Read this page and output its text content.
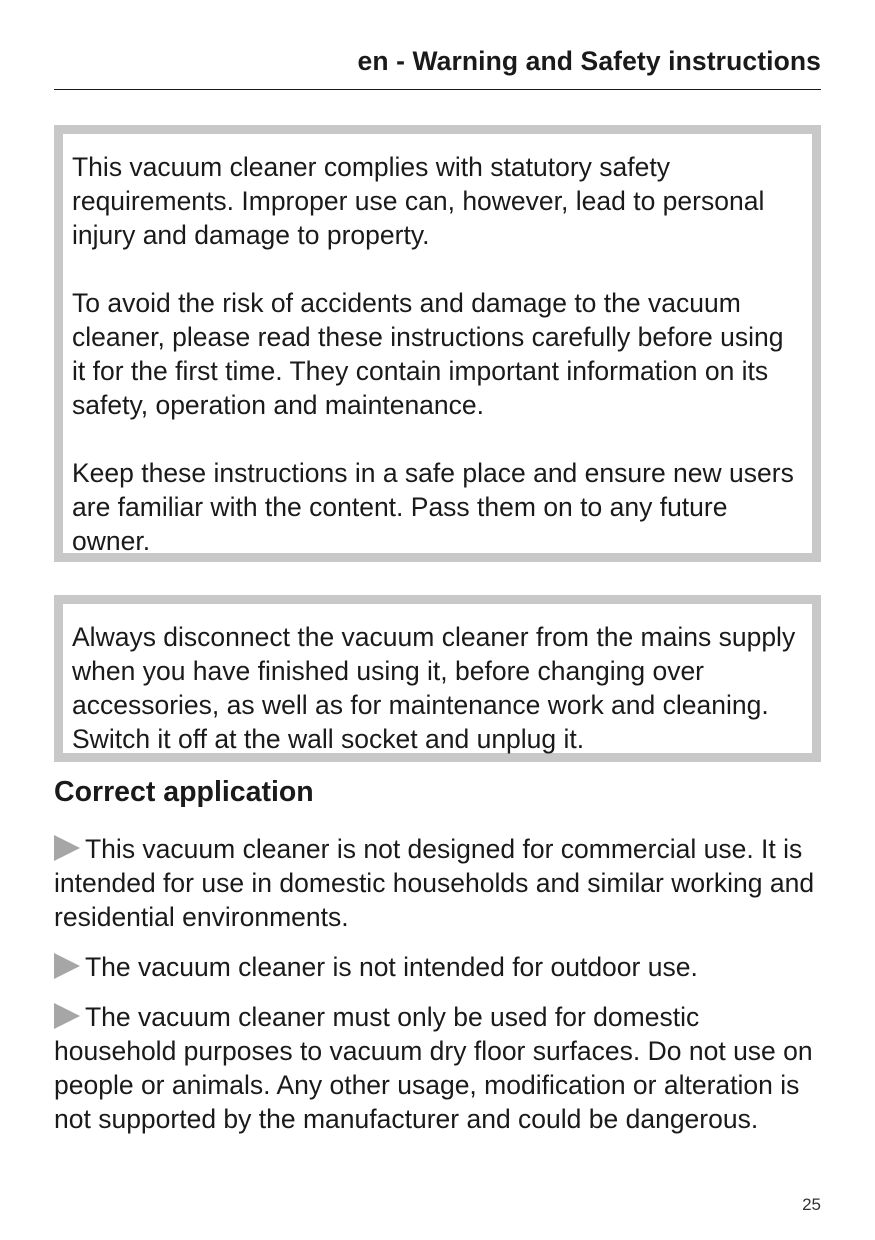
en - Warning and Safety instructions

This vacuum cleaner complies with statutory safety requirements. Improper use can, however, lead to personal injury and damage to property.

To avoid the risk of accidents and damage to the vacuum cleaner, please read these instructions carefully before using it for the first time. They contain important information on its safety, operation and maintenance.

Keep these instructions in a safe place and ensure new users are familiar with the content. Pass them on to any future owner.

Always disconnect the vacuum cleaner from the mains supply when you have finished using it, before changing over accessories, as well as for maintenance work and cleaning. Switch it off at the wall socket and unplug it.

Correct application

This vacuum cleaner is not designed for commercial use. It is intended for use in domestic households and similar working and residential environments.

The vacuum cleaner is not intended for outdoor use.

The vacuum cleaner must only be used for domestic household purposes to vacuum dry floor surfaces. Do not use on people or animals. Any other usage, modification or alteration is not supported by the manufacturer and could be dangerous.

25
